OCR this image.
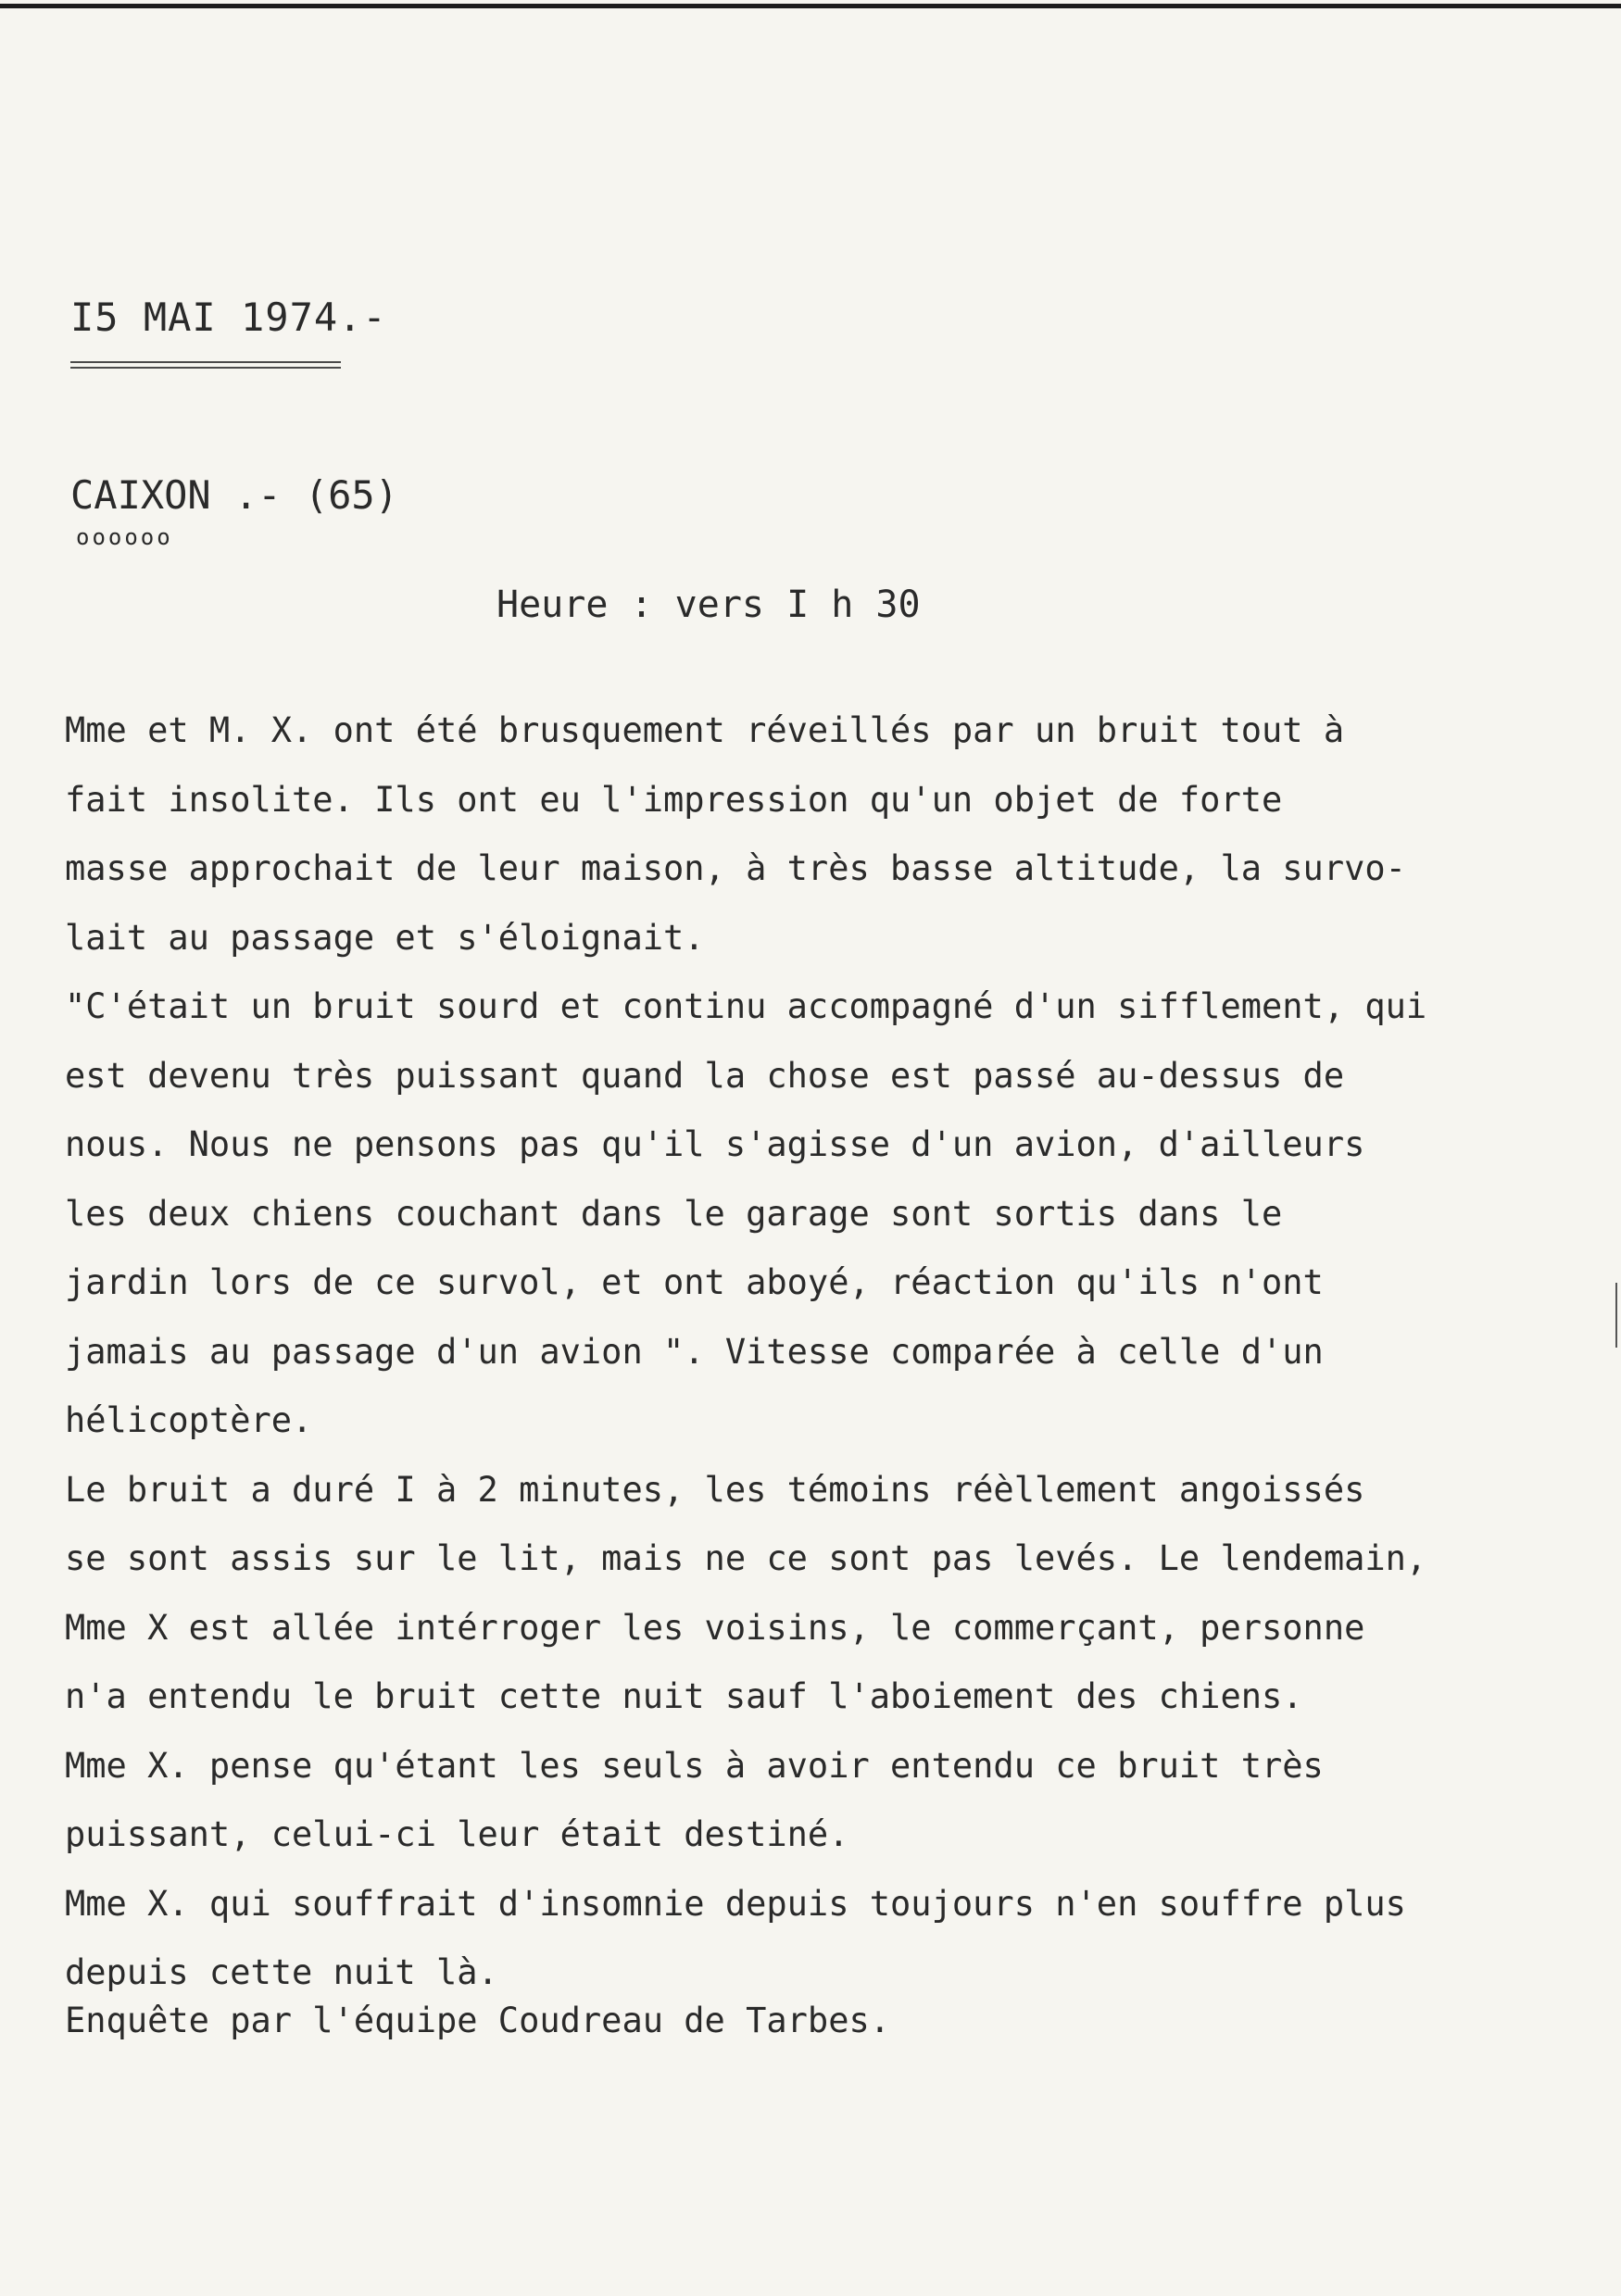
I5 MAI 1974.-
CAIXON .- (65)
oooooo
Heure : vers I h 30
Mme et M. X. ont été brusquement réveillés par un bruit tout à
fait insolite. Ils ont eu l'impression qu'un objet de forte
masse approchait de leur maison, à très basse altitude, la survo-
lait au passage et s'éloignait.
"C'était un bruit sourd et continu accompagné d'un sifflement, qui
est devenu très puissant quand la chose est passé au-dessus de
nous. Nous ne pensons pas qu'il s'agisse d'un avion, d'ailleurs
les deux chiens couchant dans le garage sont sortis dans le
jardin lors de ce survol, et ont aboyé, réaction qu'ils n'ont
jamais au passage d'un avion ". Vitesse comparée à celle d'un
hélicoptère.
Le bruit a duré I à 2 minutes, les témoins réèllement angoissés
se sont assis sur le lit, mais ne ce sont pas levés. Le lendemain,
Mme X est allée intérroger les voisins, le commerçant, personne
n'a entendu le bruit cette nuit sauf l'aboiement des chiens.
Mme X. pense qu'étant les seuls à avoir entendu ce bruit très
puissant, celui-ci leur était destiné.
Mme X. qui souffrait d'insomnie depuis toujours n'en souffre plus
depuis cette nuit là.
Enquête par l'équipe Coudreau de Tarbes.
